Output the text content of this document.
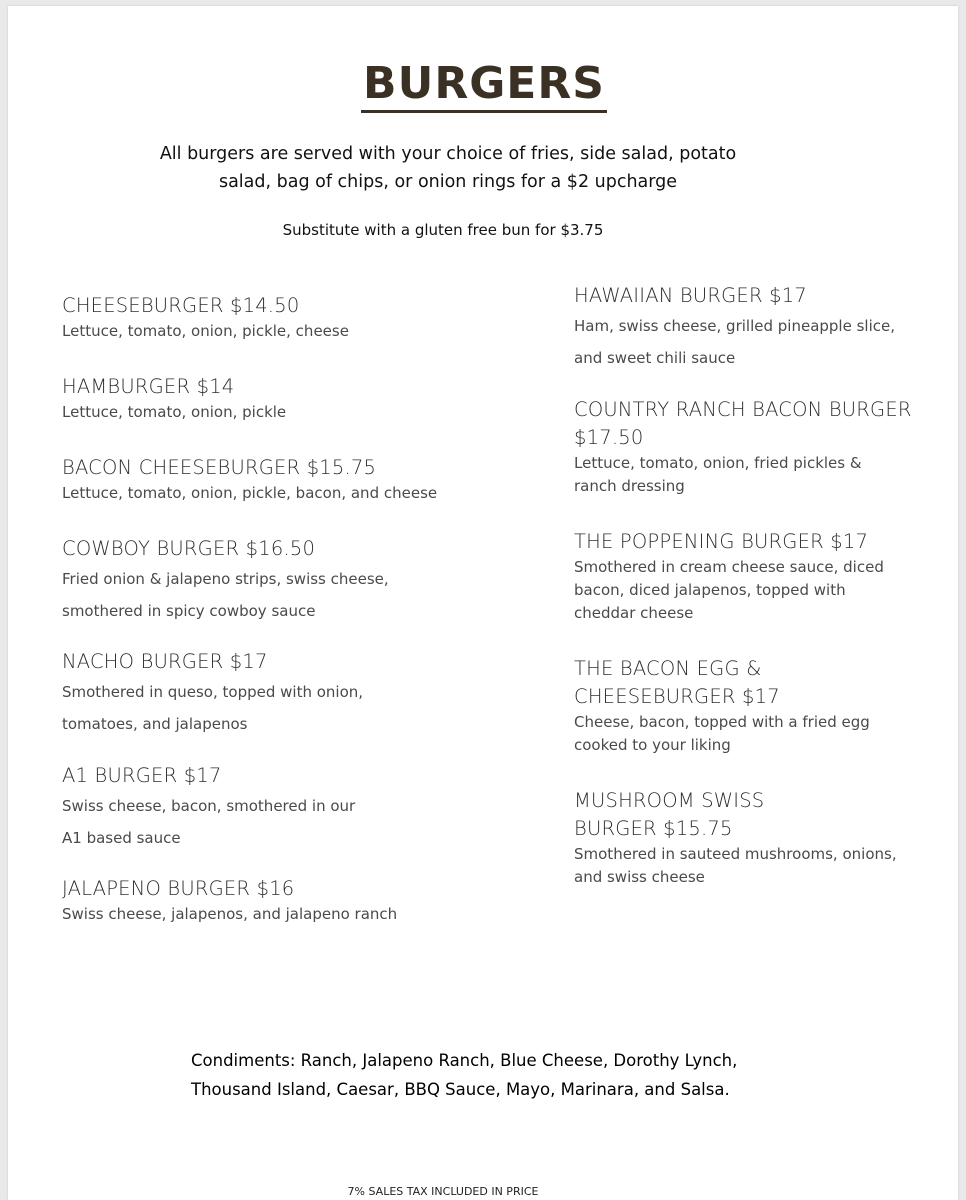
BURGERS
All burgers are served with your choice of fries, side salad, potato
salad, bag of chips, or onion rings for a $2 upcharge
Substitute with a gluten free bun for $3.75
CHEESEBURGER $14.50
Lettuce, tomato, onion, pickle, cheese
HAMBURGER $14
Lettuce, tomato, onion, pickle
BACON CHEESEBURGER $15.75
Lettuce, tomato, onion, pickle, bacon, and cheese
COWBOY BURGER $16.50
Fried onion & jalapeno strips, swiss cheese,
smothered in spicy cowboy sauce
NACHO BURGER $17
Smothered in queso, topped with onion,
tomatoes, and jalapenos
A1 BURGER $17
Swiss cheese, bacon, smothered in our
A1 based sauce
JALAPENO BURGER $16
Swiss cheese, jalapenos, and jalapeno ranch
HAWAIIAN BURGER $17
Ham, swiss cheese, grilled pineapple slice,
and sweet chili sauce
COUNTRY RANCH BACON BURGER
$17.50
Lettuce, tomato, onion, fried pickles &
ranch dressing
THE POPPENING BURGER $17
Smothered in cream cheese sauce, diced
bacon, diced jalapenos, topped with
cheddar cheese
THE BACON EGG &
CHEESEBURGER $17
Cheese, bacon, topped with a fried egg
cooked to your liking
MUSHROOM SWISS
BURGER $15.75
Smothered in sauteed mushrooms, onions,
and swiss cheese
Condiments: Ranch, Jalapeno Ranch, Blue Cheese, Dorothy Lynch,
Thousand Island, Caesar, BBQ Sauce, Mayo, Marinara, and Salsa.
7% SALES TAX INCLUDED IN PRICE
